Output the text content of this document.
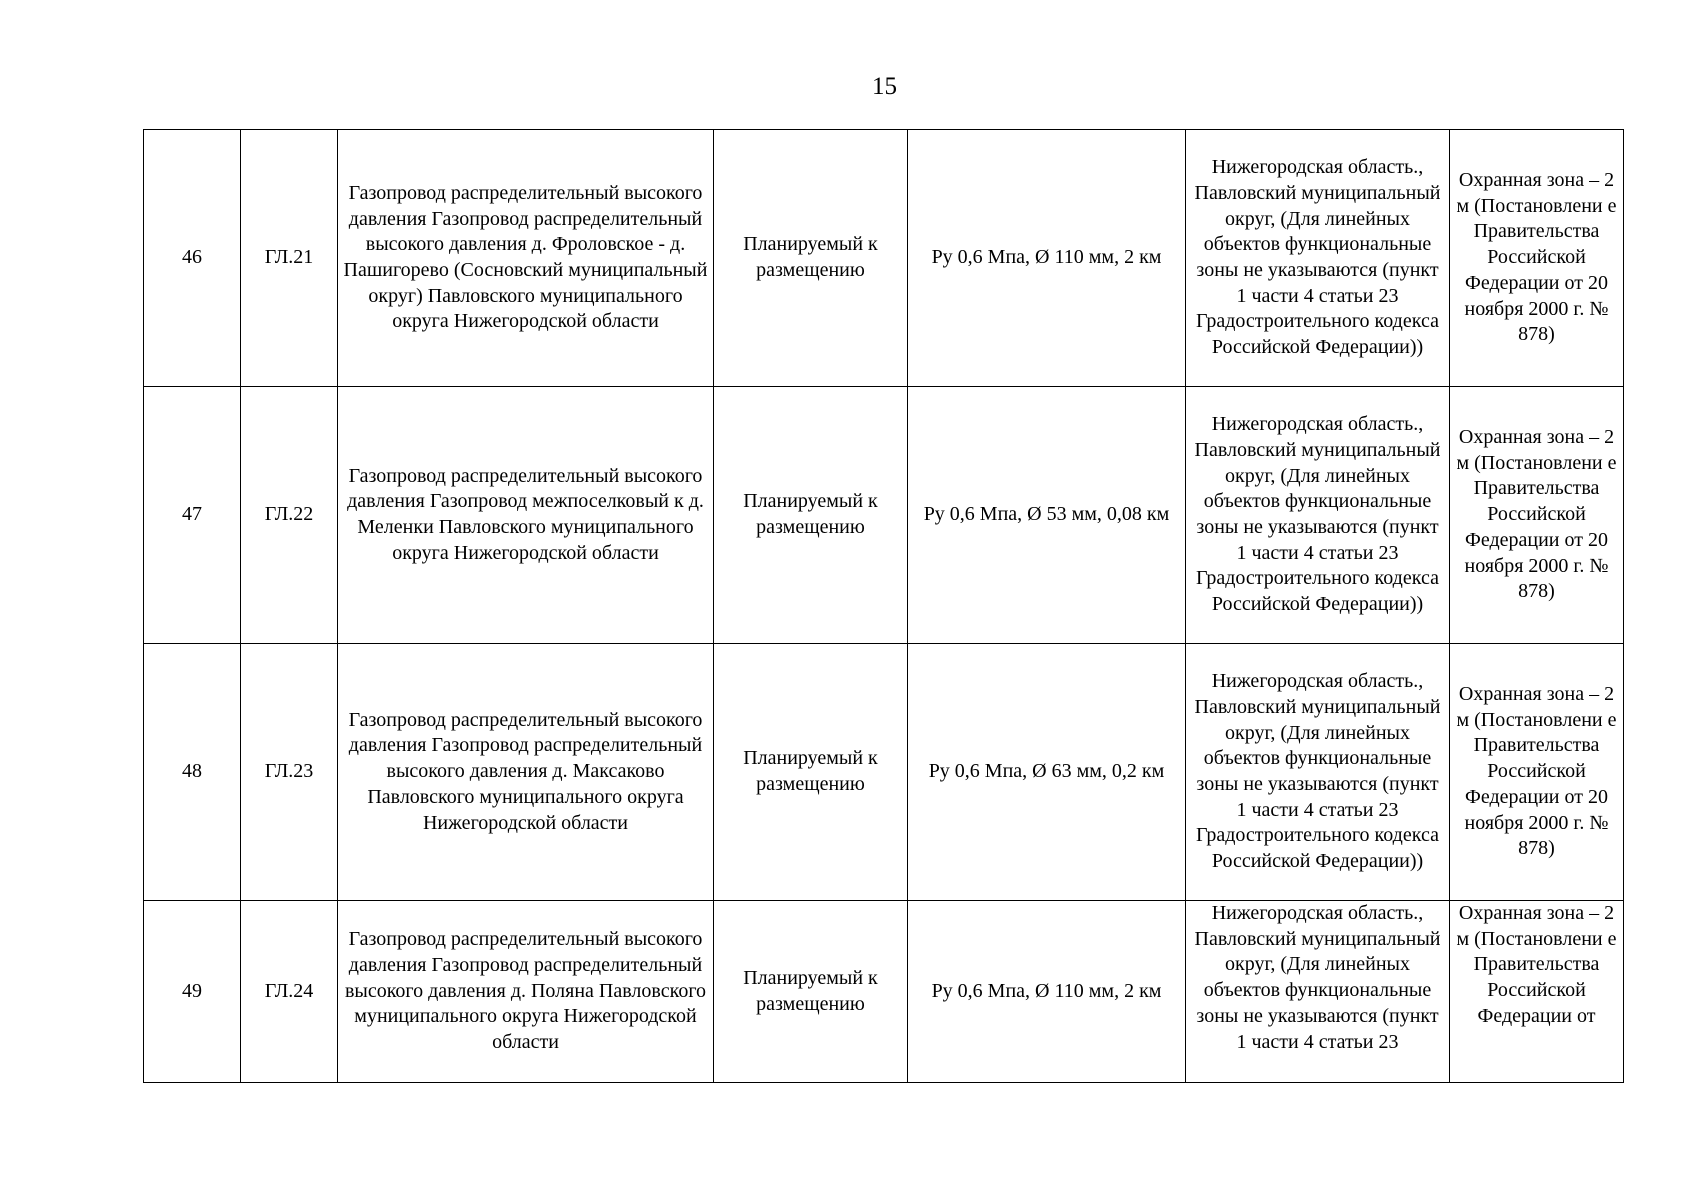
15
46	ГЛ.21	Газопровод распределительный высокого давления Газопровод распределительный высокого давления д. Фроловское - д. Пашигорево (Сосновский муниципальный округ) Павловского муниципального округа Нижегородской области	Планируемый к размещению	Ру 0,6 Мпа, Ø 110 мм, 2 км	Нижегородская область., Павловский муниципальный округ, (Для линейных объектов функциональные зоны не указываются (пункт 1 части 4 статьи 23 Градостроительного кодекса Российской Федерации))	Охранная зона – 2 м (Постановлени е Правительства Российской Федерации от 20 ноября 2000 г. № 878)
47	ГЛ.22	Газопровод распределительный высокого давления Газопровод межпоселковый к д. Меленки Павловского муниципального округа Нижегородской области	Планируемый к размещению	Ру 0,6 Мпа, Ø 53 мм, 0,08 км	Нижегородская область., Павловский муниципальный округ, (Для линейных объектов функциональные зоны не указываются (пункт 1 части 4 статьи 23 Градостроительного кодекса Российской Федерации))	Охранная зона – 2 м (Постановлени е Правительства Российской Федерации от 20 ноября 2000 г. № 878)
48	ГЛ.23	Газопровод распределительный высокого давления Газопровод распределительный высокого давления д. Максаково Павловского муниципального округа Нижегородской области	Планируемый к размещению	Ру 0,6 Мпа, Ø 63 мм, 0,2 км	Нижегородская область., Павловский муниципальный округ, (Для линейных объектов функциональные зоны не указываются (пункт 1 части 4 статьи 23 Градостроительного кодекса Российской Федерации))	Охранная зона – 2 м (Постановлени е Правительства Российской Федерации от 20 ноября 2000 г. № 878)
49	ГЛ.24	Газопровод распределительный высокого давления Газопровод распределительный высокого давления д. Поляна Павловского муниципального округа Нижегородской области	Планируемый к размещению	Ру 0,6 Мпа, Ø 110 мм, 2 км	Нижегородская область., Павловский муниципальный округ, (Для линейных объектов функциональные зоны не указываются (пункт 1 части 4 статьи 23	Охранная зона – 2 м (Постановлени е Правительства Российской Федерации от
